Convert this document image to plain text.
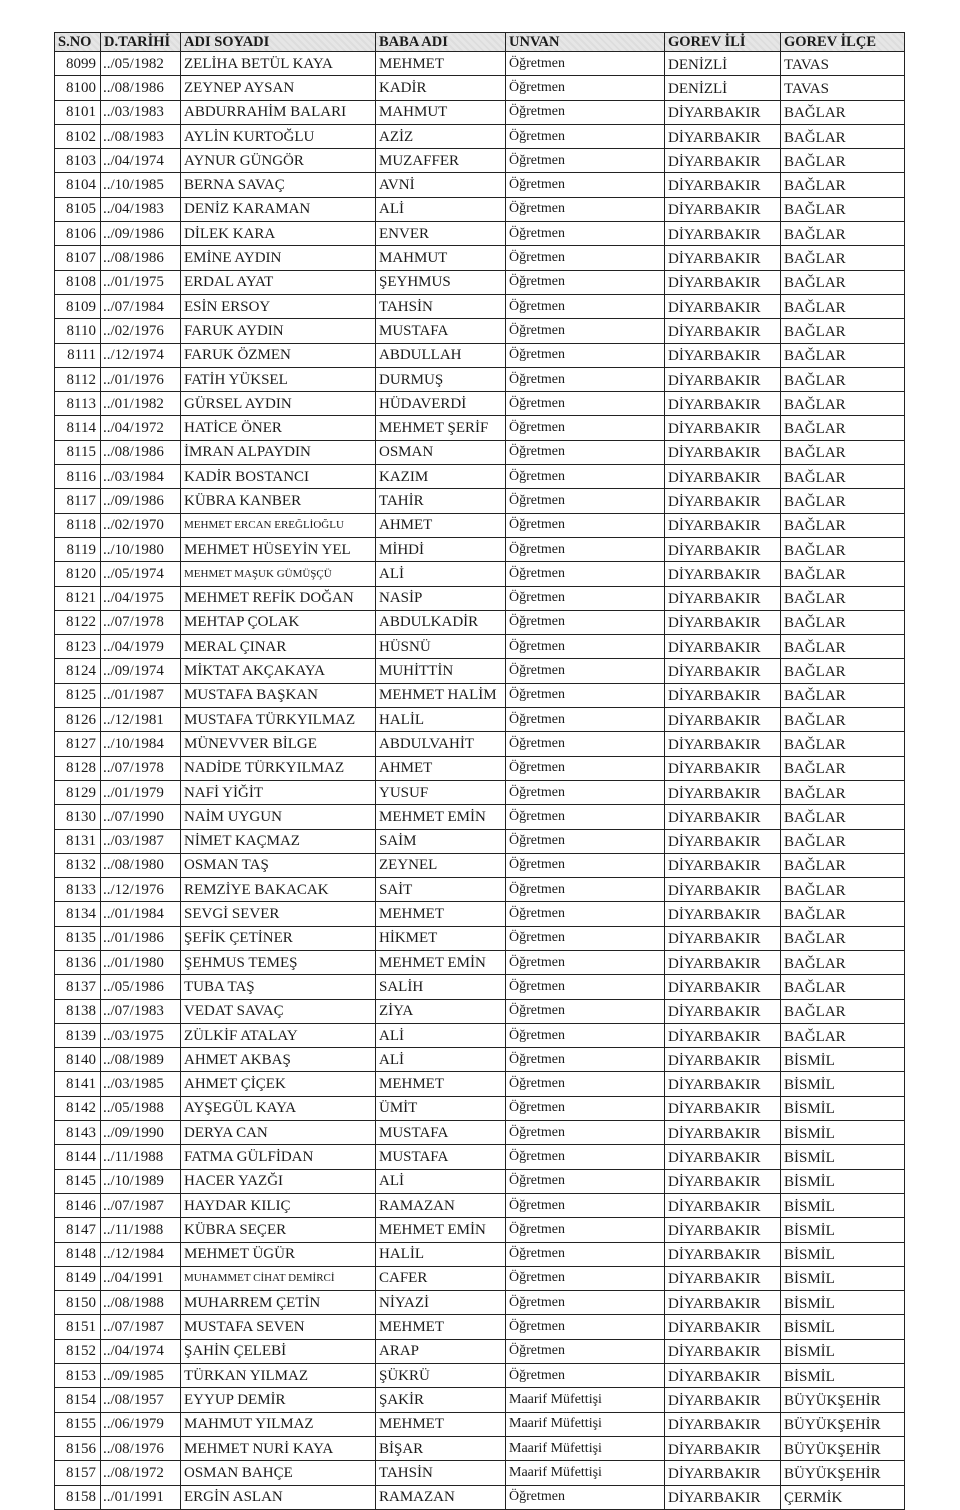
S.NO	D.TARİHİ	ADI SOYADI	BABA ADI	UNVAN	GOREV İLİ	GOREV İLÇE
8099	../05/1982	ZELİHA BETÜL KAYA	MEHMET	Öğretmen	DENİZLİ	TAVAS
8100	../08/1986	ZEYNEP AYSAN	KADİR	Öğretmen	DENİZLİ	TAVAS
8101	../03/1983	ABDURRAHİM BALARI	MAHMUT	Öğretmen	DİYARBAKIR	BAĞLAR
8102	../08/1983	AYLİN KURTOĞLU	AZİZ	Öğretmen	DİYARBAKIR	BAĞLAR
8103	../04/1974	AYNUR GÜNGÖR	MUZAFFER	Öğretmen	DİYARBAKIR	BAĞLAR
8104	../10/1985	BERNA SAVAÇ	AVNİ	Öğretmen	DİYARBAKIR	BAĞLAR
8105	../04/1983	DENİZ KARAMAN	ALİ	Öğretmen	DİYARBAKIR	BAĞLAR
8106	../09/1986	DİLEK KARA	ENVER	Öğretmen	DİYARBAKIR	BAĞLAR
8107	../08/1986	EMİNE AYDIN	MAHMUT	Öğretmen	DİYARBAKIR	BAĞLAR
8108	../01/1975	ERDAL AYAT	ŞEYHMUS	Öğretmen	DİYARBAKIR	BAĞLAR
8109	../07/1984	ESİN ERSOY	TAHSİN	Öğretmen	DİYARBAKIR	BAĞLAR
8110	../02/1976	FARUK AYDIN	MUSTAFA	Öğretmen	DİYARBAKIR	BAĞLAR
8111	../12/1974	FARUK ÖZMEN	ABDULLAH	Öğretmen	DİYARBAKIR	BAĞLAR
8112	../01/1976	FATİH YÜKSEL	DURMUŞ	Öğretmen	DİYARBAKIR	BAĞLAR
8113	../01/1982	GÜRSEL AYDIN	HÜDAVERDİ	Öğretmen	DİYARBAKIR	BAĞLAR
8114	../04/1972	HATİCE ÖNER	MEHMET ŞERİF	Öğretmen	DİYARBAKIR	BAĞLAR
8115	../08/1986	İMRAN ALPAYDIN	OSMAN	Öğretmen	DİYARBAKIR	BAĞLAR
8116	../03/1984	KADİR BOSTANCI	KAZIM	Öğretmen	DİYARBAKIR	BAĞLAR
8117	../09/1986	KÜBRA KANBER	TAHİR	Öğretmen	DİYARBAKIR	BAĞLAR
8118	../02/1970	MEHMET ERCAN EREĞLİOĞLU	AHMET	Öğretmen	DİYARBAKIR	BAĞLAR
8119	../10/1980	MEHMET HÜSEYİN YEL	MİHDİ	Öğretmen	DİYARBAKIR	BAĞLAR
8120	../05/1974	MEHMET MAŞUK GÜMÜŞÇÜ	ALİ	Öğretmen	DİYARBAKIR	BAĞLAR
8121	../04/1975	MEHMET REFİK DOĞAN	NASİP	Öğretmen	DİYARBAKIR	BAĞLAR
8122	../07/1978	MEHTAP ÇOLAK	ABDULKADİR	Öğretmen	DİYARBAKIR	BAĞLAR
8123	../04/1979	MERAL ÇINAR	HÜSNÜ	Öğretmen	DİYARBAKIR	BAĞLAR
8124	../09/1974	MİKTAT AKÇAKAYA	MUHİTTİN	Öğretmen	DİYARBAKIR	BAĞLAR
8125	../01/1987	MUSTAFA BAŞKAN	MEHMET HALİM	Öğretmen	DİYARBAKIR	BAĞLAR
8126	../12/1981	MUSTAFA TÜRKYILMAZ	HALİL	Öğretmen	DİYARBAKIR	BAĞLAR
8127	../10/1984	MÜNEVVER BİLGE	ABDULVAHİT	Öğretmen	DİYARBAKIR	BAĞLAR
8128	../07/1978	NADİDE TÜRKYILMAZ	AHMET	Öğretmen	DİYARBAKIR	BAĞLAR
8129	../01/1979	NAFİ YİĞİT	YUSUF	Öğretmen	DİYARBAKIR	BAĞLAR
8130	../07/1990	NAİM UYGUN	MEHMET EMİN	Öğretmen	DİYARBAKIR	BAĞLAR
8131	../03/1987	NİMET KAÇMAZ	SAİM	Öğretmen	DİYARBAKIR	BAĞLAR
8132	../08/1980	OSMAN TAŞ	ZEYNEL	Öğretmen	DİYARBAKIR	BAĞLAR
8133	../12/1976	REMZİYE BAKACAK	SAİT	Öğretmen	DİYARBAKIR	BAĞLAR
8134	../01/1984	SEVGİ SEVER	MEHMET	Öğretmen	DİYARBAKIR	BAĞLAR
8135	../01/1986	ŞEFİK ÇETİNER	HİKMET	Öğretmen	DİYARBAKIR	BAĞLAR
8136	../01/1980	ŞEHMUS TEMEŞ	MEHMET EMİN	Öğretmen	DİYARBAKIR	BAĞLAR
8137	../05/1986	TUBA TAŞ	SALİH	Öğretmen	DİYARBAKIR	BAĞLAR
8138	../07/1983	VEDAT SAVAÇ	ZİYA	Öğretmen	DİYARBAKIR	BAĞLAR
8139	../03/1975	ZÜLKİF ATALAY	ALİ	Öğretmen	DİYARBAKIR	BAĞLAR
8140	../08/1989	AHMET AKBAŞ	ALİ	Öğretmen	DİYARBAKIR	BİSMİL
8141	../03/1985	AHMET ÇİÇEK	MEHMET	Öğretmen	DİYARBAKIR	BİSMİL
8142	../05/1988	AYŞEGÜL KAYA	ÜMİT	Öğretmen	DİYARBAKIR	BİSMİL
8143	../09/1990	DERYA CAN	MUSTAFA	Öğretmen	DİYARBAKIR	BİSMİL
8144	../11/1988	FATMA GÜLFİDAN	MUSTAFA	Öğretmen	DİYARBAKIR	BİSMİL
8145	../10/1989	HACER YAZĞI	ALİ	Öğretmen	DİYARBAKIR	BİSMİL
8146	../07/1987	HAYDAR KILIÇ	RAMAZAN	Öğretmen	DİYARBAKIR	BİSMİL
8147	../11/1988	KÜBRA SEÇER	MEHMET EMİN	Öğretmen	DİYARBAKIR	BİSMİL
8148	../12/1984	MEHMET ÜGÜR	HALİL	Öğretmen	DİYARBAKIR	BİSMİL
8149	../04/1991	MUHAMMET CİHAT DEMİRCİ	CAFER	Öğretmen	DİYARBAKIR	BİSMİL
8150	../08/1988	MUHARREM ÇETİN	NİYAZİ	Öğretmen	DİYARBAKIR	BİSMİL
8151	../07/1987	MUSTAFA SEVEN	MEHMET	Öğretmen	DİYARBAKIR	BİSMİL
8152	../04/1974	ŞAHİN ÇELEBİ	ARAP	Öğretmen	DİYARBAKIR	BİSMİL
8153	../09/1985	TÜRKAN YILMAZ	ŞÜKRÜ	Öğretmen	DİYARBAKIR	BİSMİL
8154	../08/1957	EYYUP DEMİR	ŞAKİR	Maarif Müfettişi	DİYARBAKIR	BÜYÜKŞEHİR
8155	../06/1979	MAHMUT YILMAZ	MEHMET	Maarif Müfettişi	DİYARBAKIR	BÜYÜKŞEHİR
8156	../08/1976	MEHMET NURİ KAYA	BİŞAR	Maarif Müfettişi	DİYARBAKIR	BÜYÜKŞEHİR
8157	../08/1972	OSMAN BAHÇE	TAHSİN	Maarif Müfettişi	DİYARBAKIR	BÜYÜKŞEHİR
8158	../01/1991	ERGİN ASLAN	RAMAZAN	Öğretmen	DİYARBAKIR	ÇERMİK
